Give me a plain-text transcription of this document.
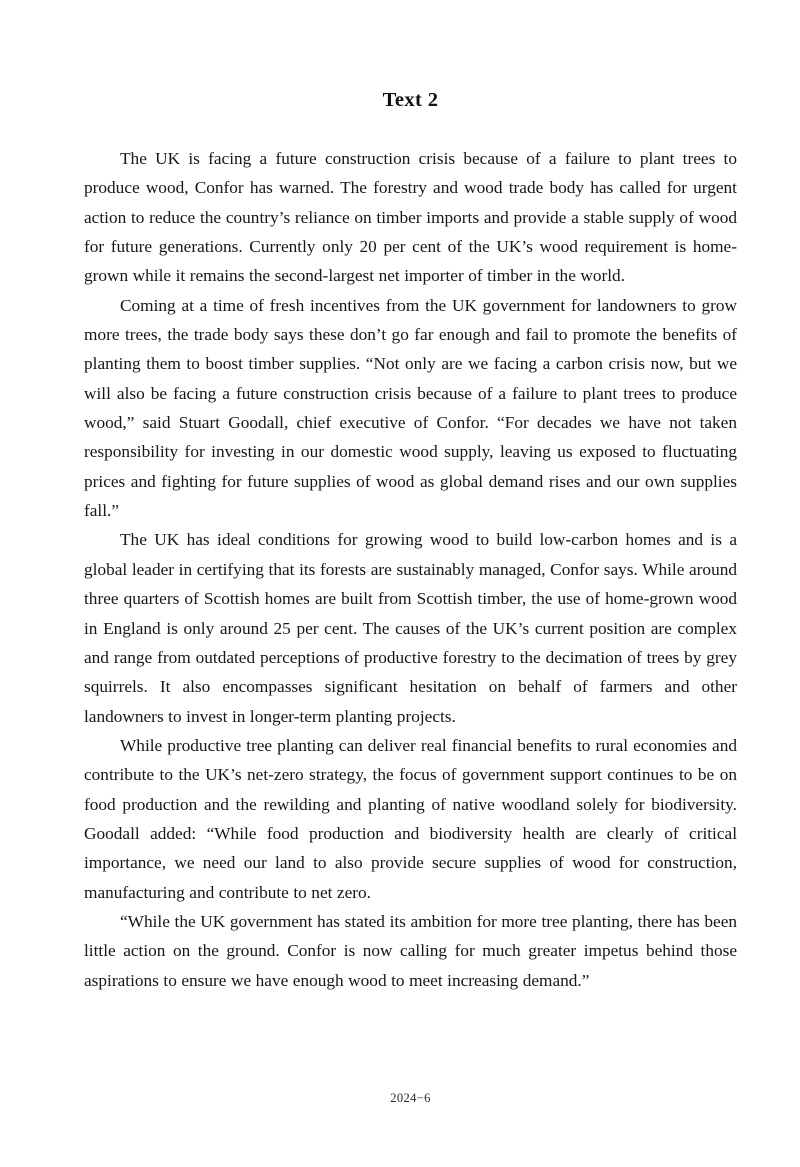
Text 2

The UK is facing a future construction crisis because of a failure to plant trees to produce wood, Confor has warned. The forestry and wood trade body has called for urgent action to reduce the country’s reliance on timber imports and provide a stable supply of wood for future generations. Currently only 20 per cent of the UK’s wood requirement is home-grown while it remains the second-largest net importer of timber in the world.

Coming at a time of fresh incentives from the UK government for landowners to grow more trees, the trade body says these don’t go far enough and fail to promote the benefits of planting them to boost timber supplies. “Not only are we facing a carbon crisis now, but we will also be facing a future construction crisis because of a failure to plant trees to produce wood,” said Stuart Goodall, chief executive of Confor. “For decades we have not taken responsibility for investing in our domestic wood supply, leaving us exposed to fluctuating prices and fighting for future supplies of wood as global demand rises and our own supplies fall.”

The UK has ideal conditions for growing wood to build low-carbon homes and is a global leader in certifying that its forests are sustainably managed, Confor says. While around three quarters of Scottish homes are built from Scottish timber, the use of home-grown wood in England is only around 25 per cent. The causes of the UK’s current position are complex and range from outdated perceptions of productive forestry to the decimation of trees by grey squirrels. It also encompasses significant hesitation on behalf of farmers and other landowners to invest in longer-term planting projects.

While productive tree planting can deliver real financial benefits to rural economies and contribute to the UK’s net-zero strategy, the focus of government support continues to be on food production and the rewilding and planting of native woodland solely for biodiversity. Goodall added: “While food production and biodiversity health are clearly of critical importance, we need our land to also provide secure supplies of wood for construction, manufacturing and contribute to net zero.

“While the UK government has stated its ambition for more tree planting, there has been little action on the ground. Confor is now calling for much greater impetus behind those aspirations to ensure we have enough wood to meet increasing demand.”

2024−6
